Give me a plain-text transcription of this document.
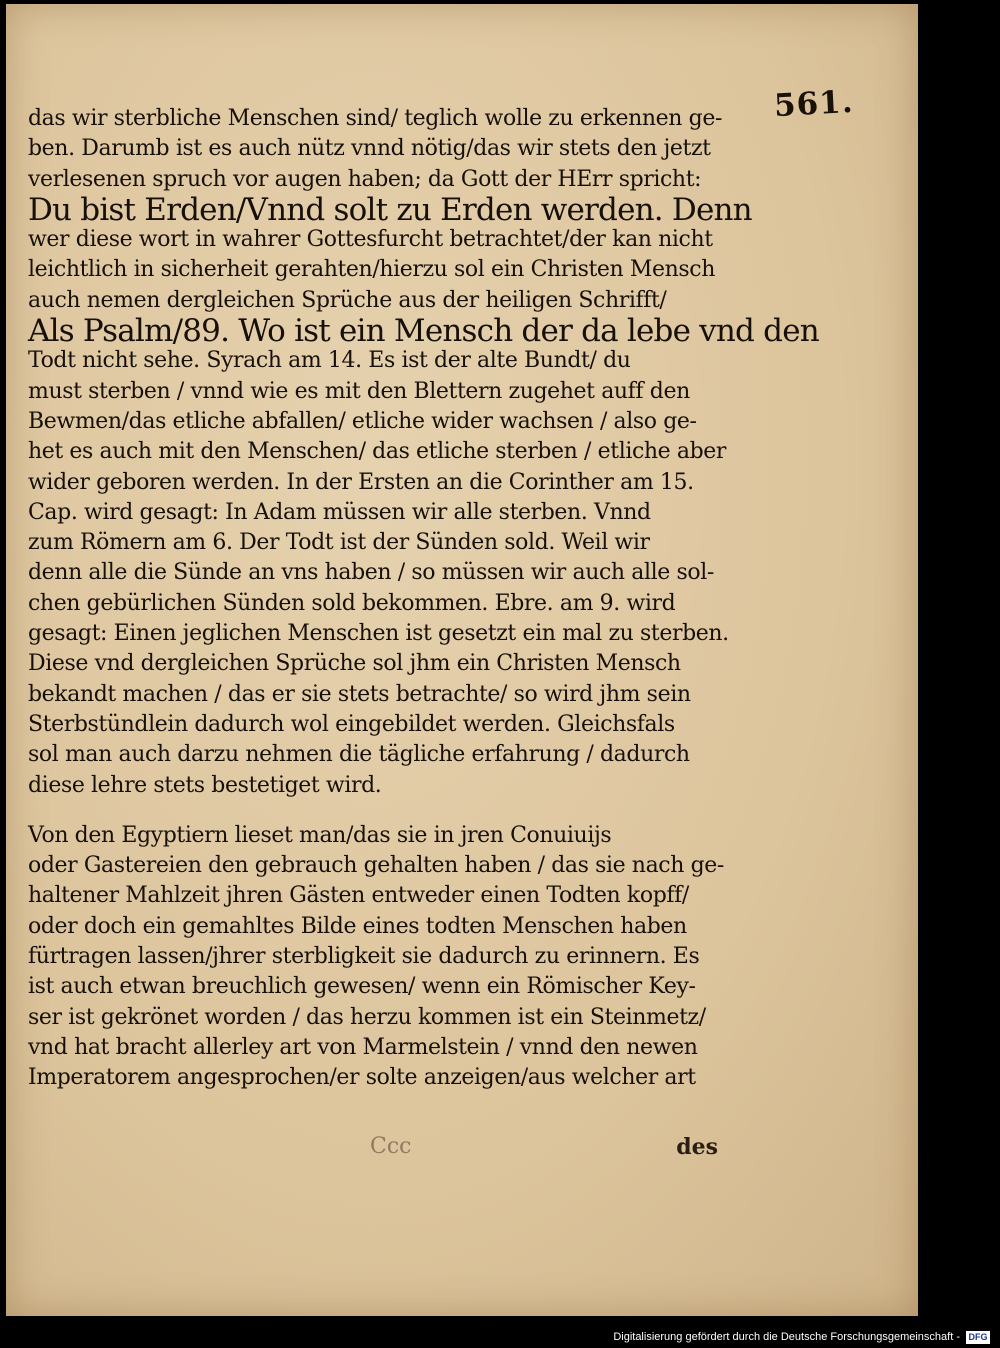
561.
das wir sterbliche Menschen sind/ teglich wolle zu erkennen ge-
ben. Darumb ist es auch nütz vnnd nötig/das wir stets den jetzt
verlesenen spruch vor augen haben; da Gott der HErr spricht:
Du bist Erden/Vnnd solt zu Erden werden. Denn
wer diese wort in wahrer Gottesfurcht betrachtet/der kan nicht
leichtlich in sicherheit gerahten/hierzu sol ein Christen Mensch
auch nemen dergleichen Sprüche aus der heiligen Schrifft/
Als Psalm/89. Wo ist ein Mensch der da lebe vnd den
Todt nicht sehe. Syrach am 14. Es ist der alte Bundt/ du
must sterben / vnnd wie es mit den Blettern zugehet auff den
Bewmen/das etliche abfallen/ etliche wider wachsen / also ge-
het es auch mit den Menschen/ das etliche sterben / etliche aber
wider geboren werden. In der Ersten an die Corinther am 15.
Cap. wird gesagt: In Adam müssen wir alle sterben. Vnnd
zum Römern am 6. Der Todt ist der Sünden sold. Weil wir
denn alle die Sünde an vns haben / so müssen wir auch alle sol-
chen gebürlichen Sünden sold bekommen. Ebre. am 9. wird
gesagt: Einen jeglichen Menschen ist gesetzt ein mal zu sterben.
Diese vnd dergleichen Sprüche sol jhm ein Christen Mensch
bekandt machen / das er sie stets betrachte/ so wird jhm sein
Sterbstündlein dadurch wol eingebildet werden. Gleichsfals
sol man auch darzu nehmen die tägliche erfahrung / dadurch
diese lehre stets bestetiget wird.
Von den Egyptiern lieset man/das sie in jren Conuiuijs
oder Gastereien den gebrauch gehalten haben / das sie nach ge-
haltener Mahlzeit jhren Gästen entweder einen Todten kopff/
oder doch ein gemahltes Bilde eines todten Menschen haben
fürtragen lassen/jhrer sterbligkeit sie dadurch zu erinnern. Es
ist auch etwan breuchlich gewesen/ wenn ein Römischer Key-
ser ist gekrönet worden / das herzu kommen ist ein Steinmetz/
vnd hat bracht allerley art von Marmelstein / vnnd den newen
Imperatorem angesprochen/er solte anzeigen/aus welcher art
Ccc	des
Digitalisierung gefördert durch die Deutsche Forschungsgemeinschaft - DFG
